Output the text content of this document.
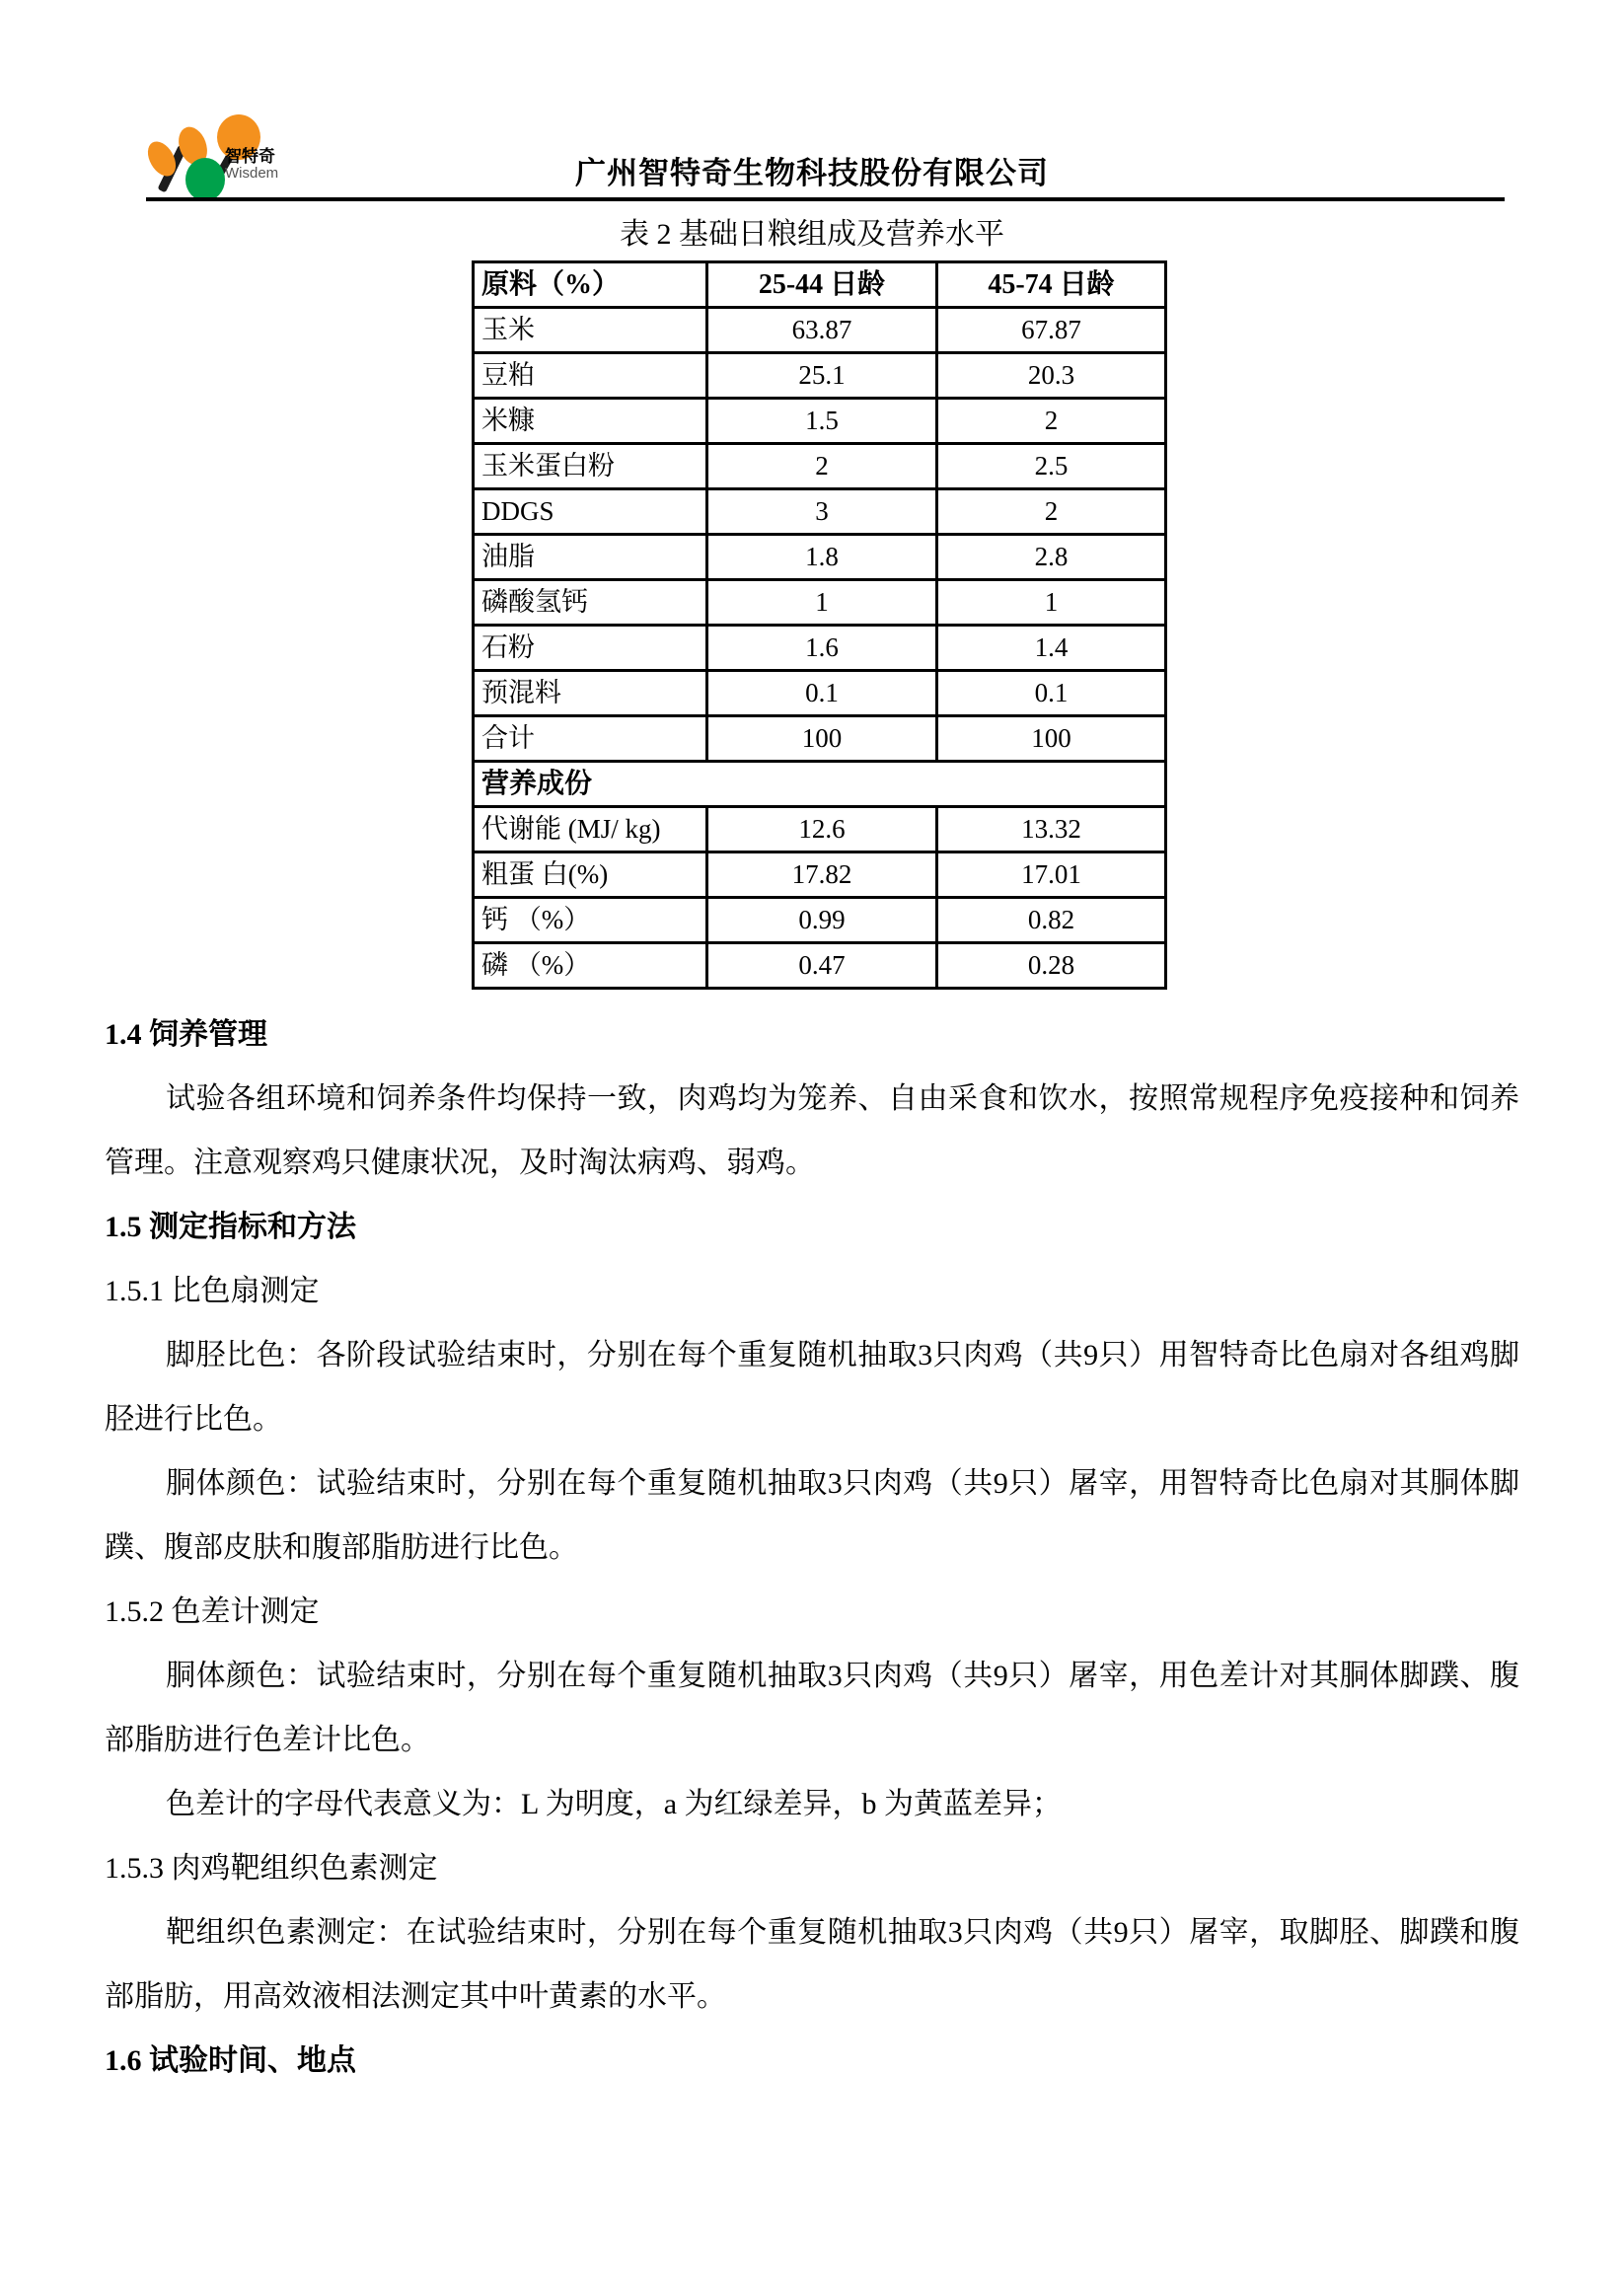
智特奇
Wisdem	广州智特奇生物科技股份有限公司
表 2 基础日粮组成及营养水平
原料（%）	25-44 日龄	45-74 日龄
玉米	63.87	67.87
豆粕	25.1	20.3
米糠	1.5	2
玉米蛋白粉	2	2.5
DDGS	3	2
油脂	1.8	2.8
磷酸氢钙	1	1
石粉	1.6	1.4
预混料	0.1	0.1
合计	100	100
营养成份		
代谢能 (MJ/ kg)	12.6	13.32
粗蛋 白(%)	17.82	17.01
钙 （%）	0.99	0.82
磷 （%）	0.47	0.28
1.4 饲养管理
试验各组环境和饲养条件均保持一致，肉鸡均为笼养、自由采食和饮水，按照常规程序免疫接种和饲养管理。注意观察鸡只健康状况，及时淘汰病鸡、弱鸡。
1.5 测定指标和方法
1.5.1 比色扇测定
脚胫比色：各阶段试验结束时，分别在每个重复随机抽取3只肉鸡（共9只）用智特奇比色扇对各组鸡脚胫进行比色。
胴体颜色：试验结束时，分别在每个重复随机抽取3只肉鸡（共9只）屠宰，用智特奇比色扇对其胴体脚蹼、腹部皮肤和腹部脂肪进行比色。
1.5.2 色差计测定
胴体颜色：试验结束时，分别在每个重复随机抽取3只肉鸡（共9只）屠宰，用色差计对其胴体脚蹼、腹部脂肪进行色差计比色。
色差计的字母代表意义为：L 为明度，a 为红绿差异，b 为黄蓝差异；
1.5.3 肉鸡靶组织色素测定
靶组织色素测定：在试验结束时，分别在每个重复随机抽取3只肉鸡（共9只）屠宰，取脚胫、脚蹼和腹部脂肪，用高效液相法测定其中叶黄素的水平。
1.6 试验时间、地点
